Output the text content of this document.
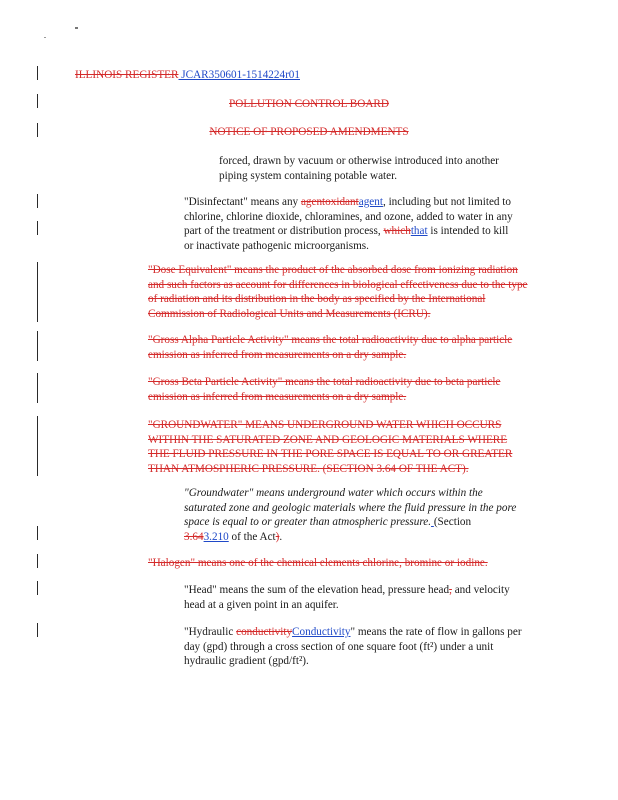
ILLINOIS REGISTER JCAR350601-1514224r01
POLLUTION CONTROL BOARD
NOTICE OF PROPOSED AMENDMENTS
forced, drawn by vacuum or otherwise introduced into another
piping system containing potable water.
"Disinfectant" means any agentoxidantagent, including but not limited to
chlorine, chlorine dioxide, chloramines, and ozone, added to water in any
part of the treatment or distribution process, whichthat is intended to kill
or inactivate pathogenic microorganisms.
"Dose Equivalent" means the product of the absorbed dose from ionizing radiation
and such factors as account for differences in biological effectiveness due to the type
of radiation and its distribution in the body as specified by the International
Commission of Radiological Units and Measurements (ICRU).
"Gross Alpha Particle Activity" means the total radioactivity due to alpha particle
emission as inferred from measurements on a dry sample.
"Gross Beta Particle Activity" means the total radioactivity due to beta particle
emission as inferred from measurements on a dry sample.
"GROUNDWATER" MEANS UNDERGROUND WATER WHICH OCCURS
WITHIN THE SATURATED ZONE AND GEOLOGIC MATERIALS WHERE
THE FLUID PRESSURE IN THE PORE SPACE IS EQUAL TO OR GREATER
THAN ATMOSPHERIC PRESSURE. (SECTION 3.64 OF THE ACT).
"Groundwater" means underground water which occurs within the
saturated zone and geologic materials where the fluid pressure in the pore
space is equal to or greater than atmospheric pressure. (Section
3.643.210 of the Act).
"Halogen" means one of the chemical elements chlorine, bromine or iodine.
"Head" means the sum of the elevation head, pressure head, and velocity
head at a given point in an aquifer.
"Hydraulic conductivityConductivity" means the rate of flow in gallons per
day (gpd) through a cross section of one square foot (ft²) under a unit
hydraulic gradient (gpd/ft²).
